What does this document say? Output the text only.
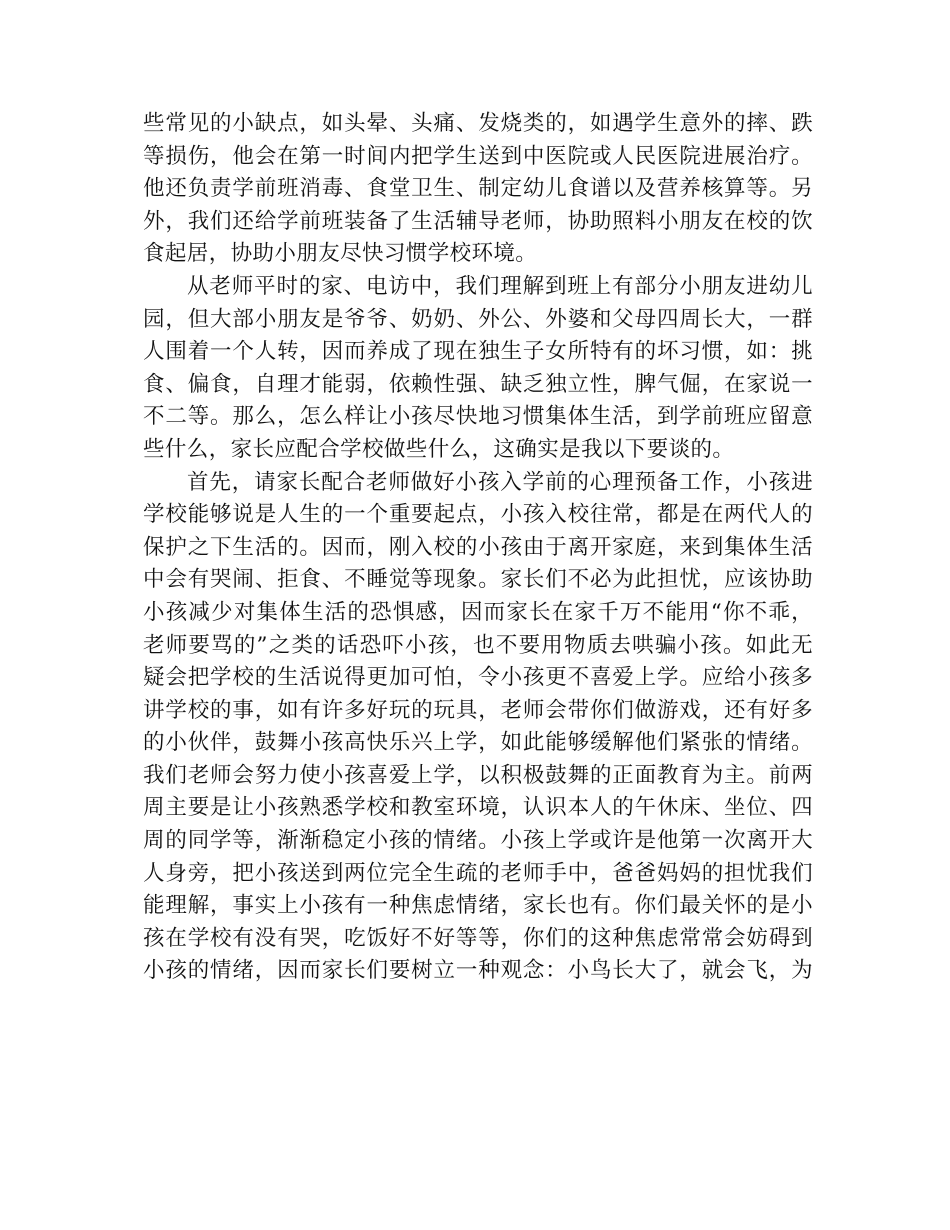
些常见的小缺点，如头晕、头痛、发烧类的，如遇学生意外的摔、跌
等损伤，他会在第一时间内把学生送到中医院或人民医院进展治疗。
他还负责学前班消毒、食堂卫生、制定幼儿食谱以及营养核算等。另
外，我们还给学前班装备了生活辅导老师，协助照料小朋友在校的饮
食起居，协助小朋友尽快习惯学校环境。
从老师平时的家、电访中，我们理解到班上有部分小朋友进幼儿
园，但大部小朋友是爷爷、奶奶、外公、外婆和父母四周长大，一群
人围着一个人转，因而养成了现在独生子女所特有的坏习惯，如：挑
食、偏食，自理才能弱，依赖性强、缺乏独立性，脾气倔，在家说一
不二等。那么，怎么样让小孩尽快地习惯集体生活，到学前班应留意
些什么，家长应配合学校做些什么，这确实是我以下要谈的。
首先，请家长配合老师做好小孩入学前的心理预备工作，小孩进
学校能够说是人生的一个重要起点，小孩入校往常，都是在两代人的
保护之下生活的。因而，刚入校的小孩由于离开家庭，来到集体生活
中会有哭闹、拒食、不睡觉等现象。家长们不必为此担忧，应该协助
小孩减少对集体生活的恐惧感，因而家长在家千万不能用“你不乖，
老师要骂的”之类的话恐吓小孩，也不要用物质去哄骗小孩。如此无
疑会把学校的生活说得更加可怕，令小孩更不喜爱上学。应给小孩多
讲学校的事，如有许多好玩的玩具，老师会带你们做游戏，还有好多
的小伙伴，鼓舞小孩高快乐兴上学，如此能够缓解他们紧张的情绪。
我们老师会努力使小孩喜爱上学，以积极鼓舞的正面教育为主。前两
周主要是让小孩熟悉学校和教室环境，认识本人的午休床、坐位、四
周的同学等，渐渐稳定小孩的情绪。小孩上学或许是他第一次离开大
人身旁，把小孩送到两位完全生疏的老师手中，爸爸妈妈的担忧我们
能理解，事实上小孩有一种焦虑情绪，家长也有。你们最关怀的是小
孩在学校有没有哭，吃饭好不好等等，你们的这种焦虑常常会妨碍到
小孩的情绪，因而家长们要树立一种观念：小鸟长大了，就会飞，为
